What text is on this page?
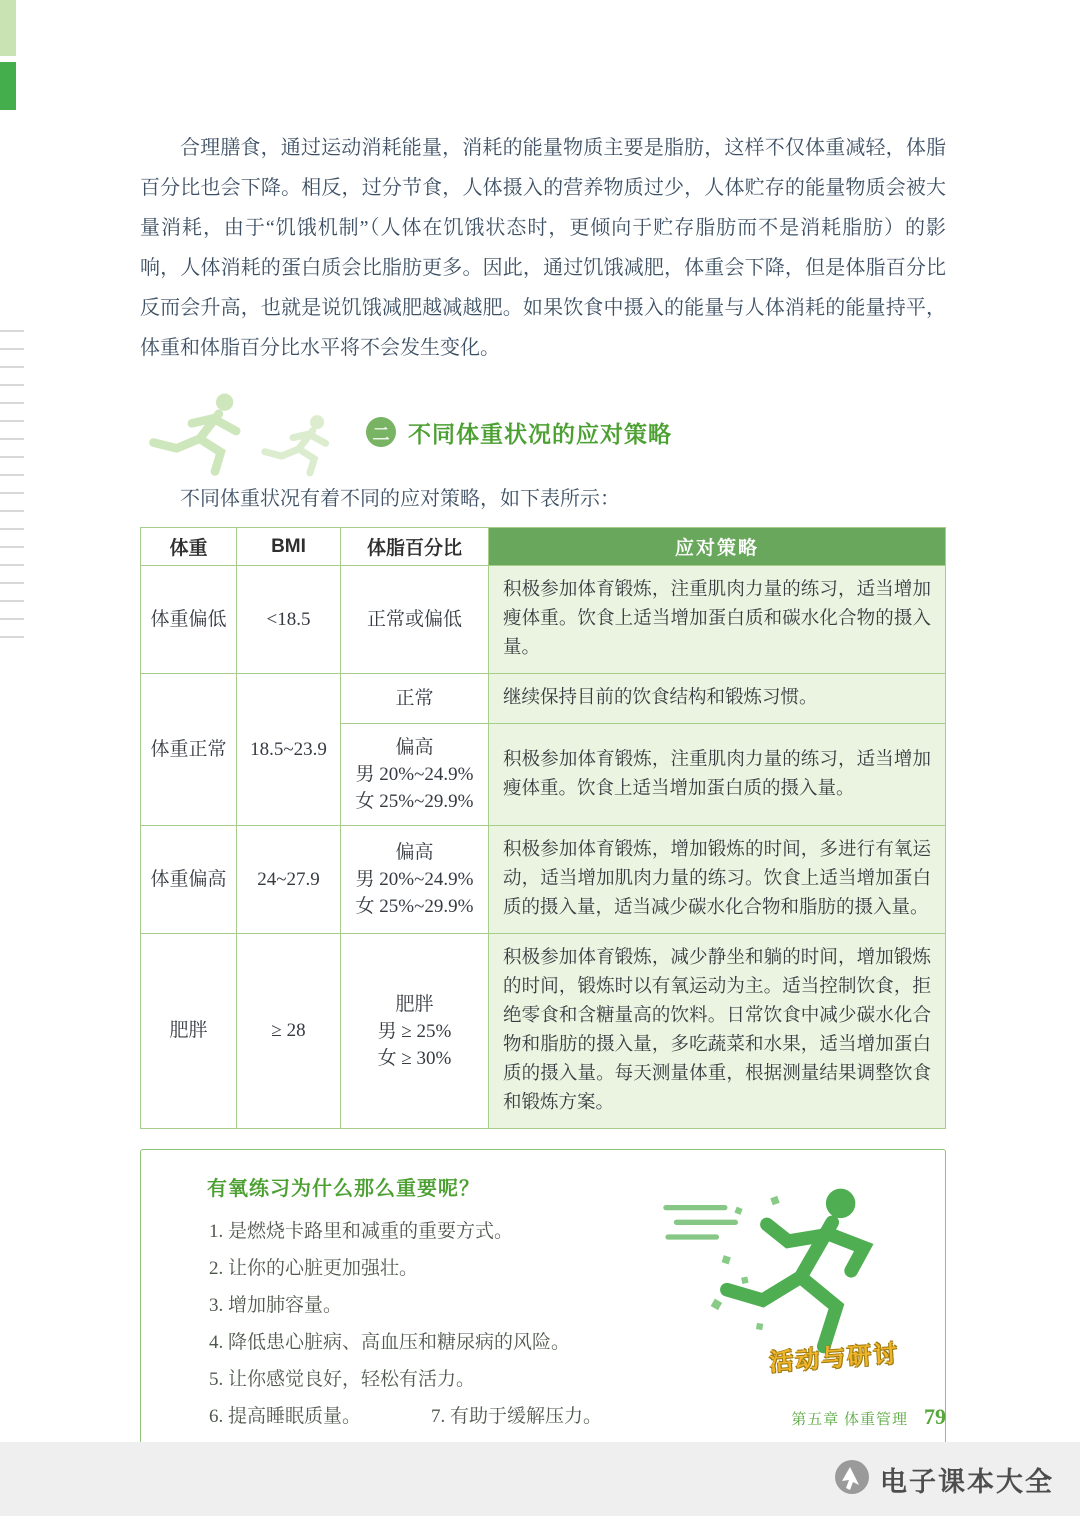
合理膳食，通过运动消耗能量，消耗的能量物质主要是脂肪，这样不仅体重减轻，体脂百分比也会下降。相反，过分节食，人体摄入的营养物质过少，人体贮存的能量物质会被大量消耗，由于“饥饿机制”（人体在饥饿状态时，更倾向于贮存脂肪而不是消耗脂肪）的影响，人体消耗的蛋白质会比脂肪更多。因此，通过饥饿减肥，体重会下降，但是体脂百分比反而会升高，也就是说饥饿减肥越减越肥。如果饮食中摄入的能量与人体消耗的能量持平，体重和体脂百分比水平将不会发生变化。

二 不同体重状况的应对策略

不同体重状况有着不同的应对策略，如下表所示：

体重	BMI	体脂百分比	应对策略
体重偏低	<18.5	正常或偏低	积极参加体育锻炼，注重肌肉力量的练习，适当增加瘦体重。饮食上适当增加蛋白质和碳水化合物的摄入量。
体重正常	18.5~23.9	正常	继续保持目前的饮食结构和锻炼习惯。

		偏高
男 20%~24.9%
女 25%~29.9%	积极参加体育锻炼，注重肌肉力量的练习，适当增加瘦体重。饮食上适当增加蛋白质的摄入量。
体重偏高	24~27.9	偏高
男 20%~24.9%
女 25%~29.9%	积极参加体育锻炼，增加锻炼的时间，多进行有氧运动，适当增加肌肉力量的练习。饮食上适当增加蛋白质的摄入量，适当减少碳水化合物和脂肪的摄入量。
肥胖	≥ 28	肥胖
男 ≥ 25%
女 ≥ 30%	积极参加体育锻炼，减少静坐和躺的时间，增加锻炼的时间，锻炼时以有氧运动为主。适当控制饮食，拒绝零食和含糖量高的饮料。日常饮食中减少碳水化合物和脂肪的摄入量，多吃蔬菜和水果，适当增加蛋白质的摄入量。每天测量体重，根据测量结果调整饮食和锻炼方案。
有氧练习为什么那么重要呢？
1. 是燃烧卡路里和减重的重要方式。
2. 让你的心脏更加强壮。
3. 增加肺容量。
4. 降低患心脏病、高血压和糖尿病的风险。
5. 让你感觉良好，轻松有活力。
6. 提高睡眠质量。	7. 有助于缓解压力。
活动与研讨
第五章 体重管理 79
电子课本大全
